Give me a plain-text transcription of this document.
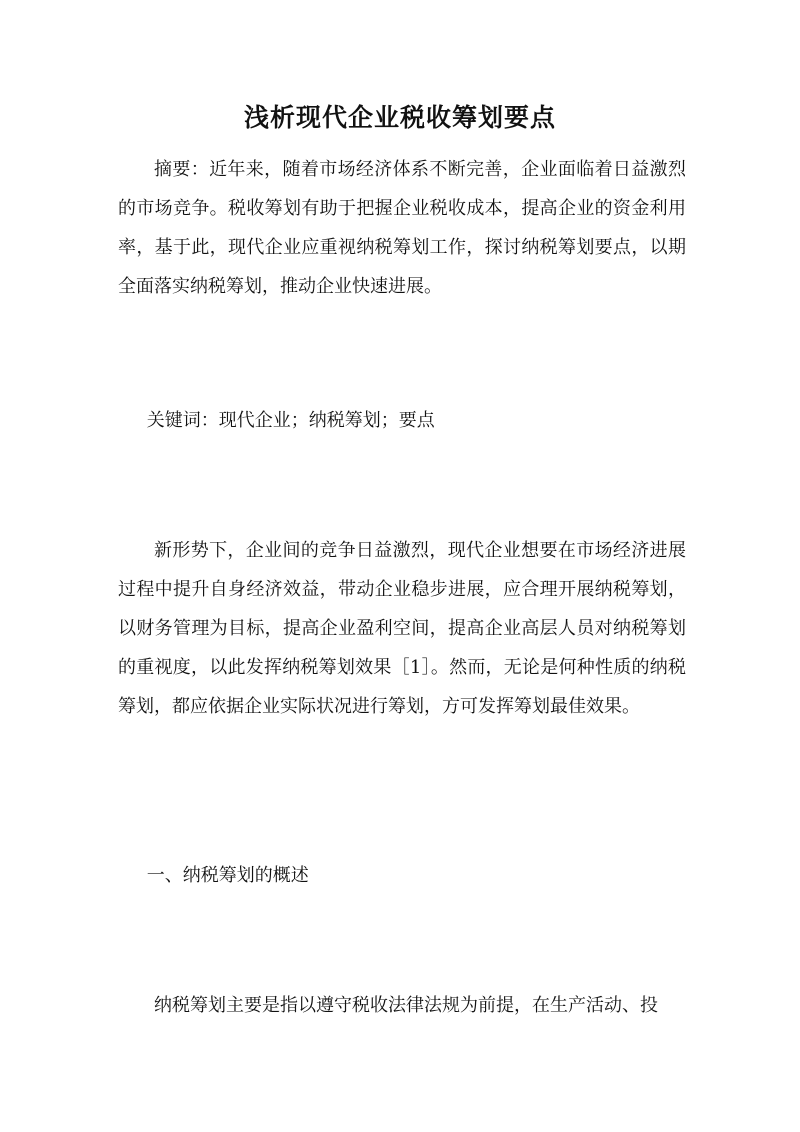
浅析现代企业税收筹划要点

摘要：近年来，随着市场经济体系不断完善，企业面临着日益激烈的市场竞争。税收筹划有助于把握企业税收成本，提高企业的资金利用率，基于此，现代企业应重视纳税筹划工作，探讨纳税筹划要点，以期全面落实纳税筹划，推动企业快速进展。

关键词：现代企业；纳税筹划；要点

新形势下，企业间的竞争日益激烈，现代企业想要在市场经济进展过程中提升自身经济效益，带动企业稳步进展，应合理开展纳税筹划，以财务管理为目标，提高企业盈利空间，提高企业高层人员对纳税筹划的重视度，以此发挥纳税筹划效果［1］。然而，无论是何种性质的纳税筹划，都应依据企业实际状况进行筹划，方可发挥筹划最佳效果。

一、纳税筹划的概述

纳税筹划主要是指以遵守税收法律法规为前提，在生产活动、投
